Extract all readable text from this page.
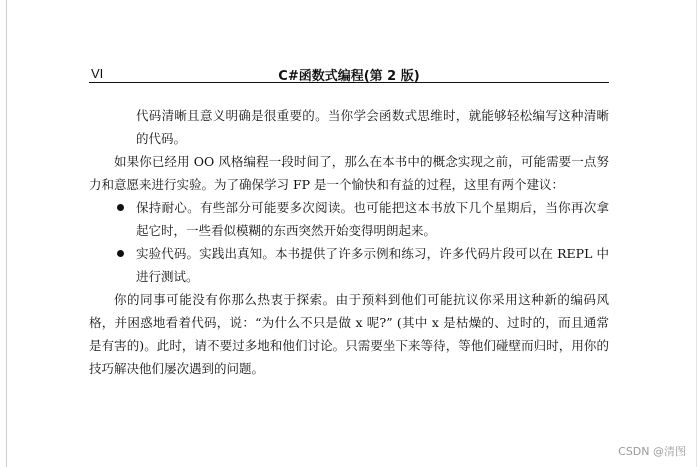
VI	C#函数式编程(第 2 版)

代码清晰且意义明确是很重要的。当你学会函数式思维时，就能够轻松编写这种清晰的代码。

如果你已经用 OO 风格编程一段时间了，那么在本书中的概念实现之前，可能需要一点努力和意愿来进行实验。为了确保学习 FP 是一个愉快和有益的过程，这里有两个建议：

保持耐心。有些部分可能要多次阅读。也可能把这本书放下几个星期后，当你再次拿起它时，一些看似模糊的东西突然开始变得明朗起来。
实验代码。实践出真知。本书提供了许多示例和练习，许多代码片段可以在 REPL 中进行测试。

你的同事可能没有你那么热衷于探索。由于预料到他们可能抗议你采用这种新的编码风格，并困惑地看着代码，说：“为什么不只是做 x 呢?” (其中 x 是枯燥的、过时的，而且通常是有害的)。此时，请不要过多地和他们讨论。只需要坐下来等待，等他们碰壁而归时，用你的技巧解决他们屡次遇到的问题。

CSDN @清图
